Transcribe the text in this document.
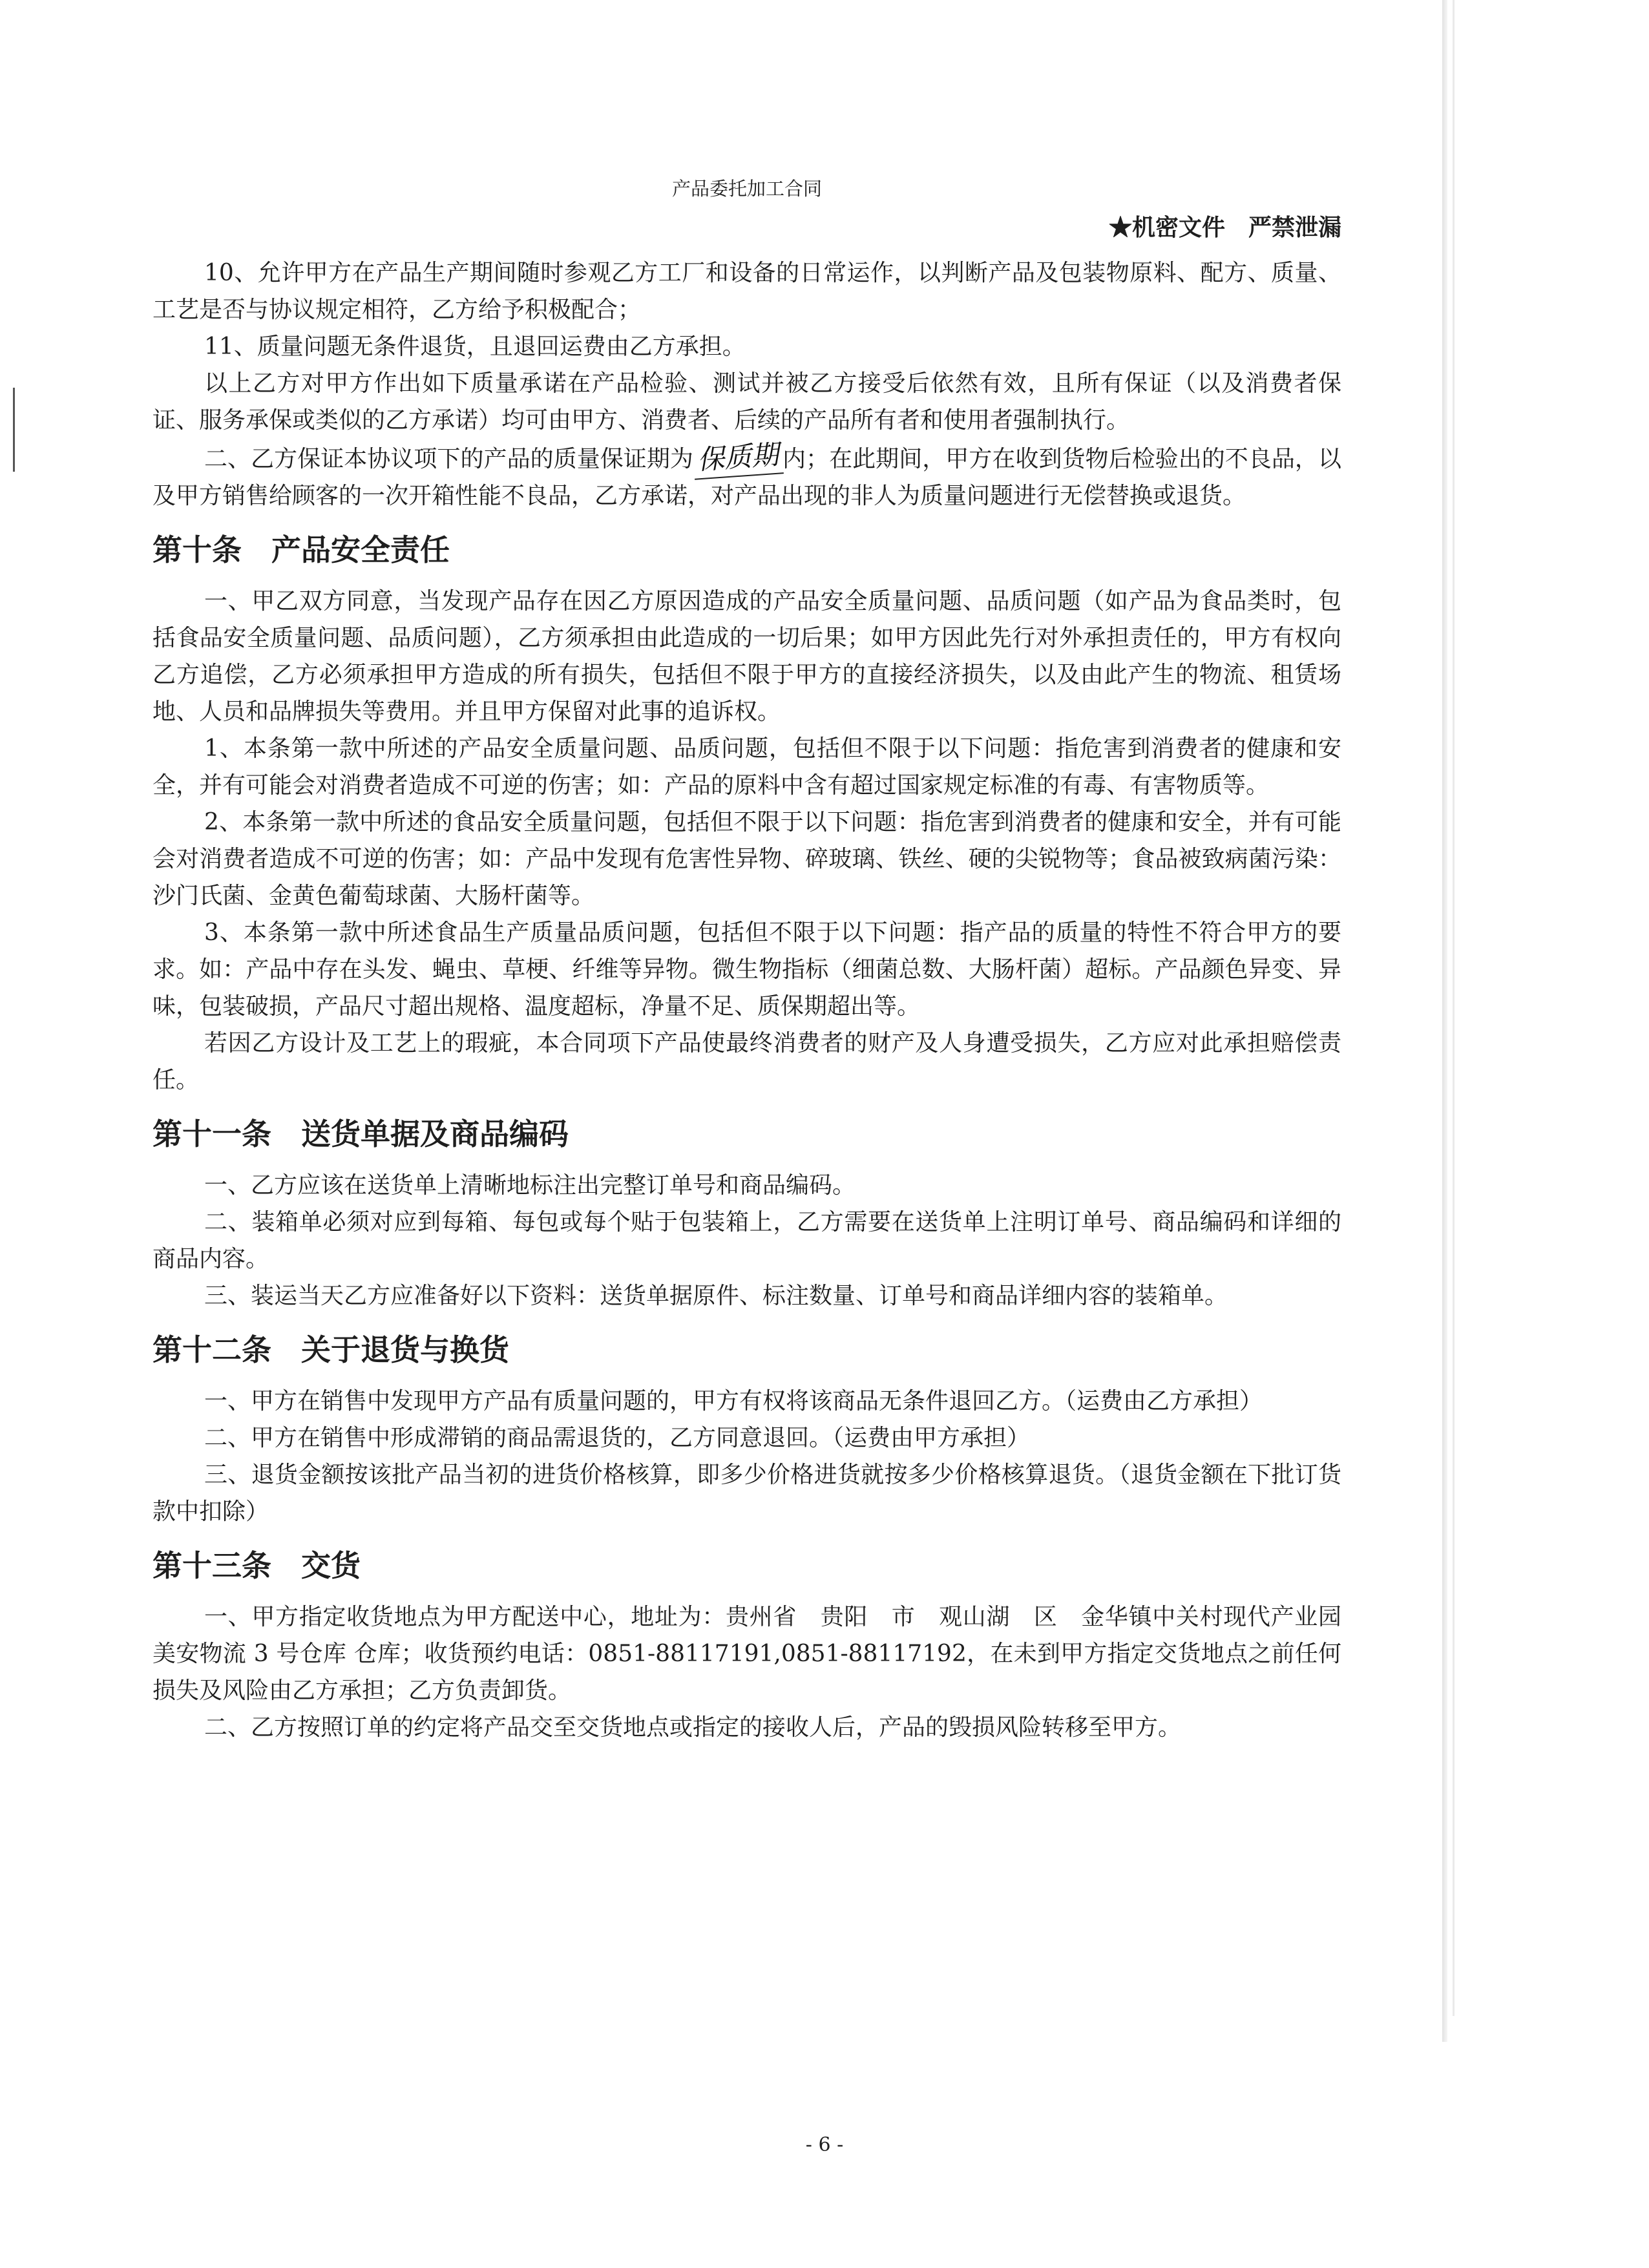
产品委托加工合同
★机密文件　严禁泄漏

10、允许甲方在产品生产期间随时参观乙方工厂和设备的日常运作，以判断产品及包装物原料、配方、质量、工艺是否与协议规定相符，乙方给予积极配合；

11、质量问题无条件退货，且退回运费由乙方承担。

以上乙方对甲方作出如下质量承诺在产品检验、测试并被乙方接受后依然有效，且所有保证（以及消费者保证、服务承保或类似的乙方承诺）均可由甲方、消费者、后续的产品所有者和使用者强制执行。

二、乙方保证本协议项下的产品的质量保证期为 保质期 内；在此期间，甲方在收到货物后检验出的不良品，以及甲方销售给顾客的一次开箱性能不良品，乙方承诺，对产品出现的非人为质量问题进行无偿替换或退货。

第十条　产品安全责任

一、甲乙双方同意，当发现产品存在因乙方原因造成的产品安全质量问题、品质问题（如产品为食品类时，包括食品安全质量问题、品质问题），乙方须承担由此造成的一切后果；如甲方因此先行对外承担责任的，甲方有权向乙方追偿，乙方必须承担甲方造成的所有损失，包括但不限于甲方的直接经济损失，以及由此产生的物流、租赁场地、人员和品牌损失等费用。并且甲方保留对此事的追诉权。

1、本条第一款中所述的产品安全质量问题、品质问题，包括但不限于以下问题：指危害到消费者的健康和安全，并有可能会对消费者造成不可逆的伤害；如：产品的原料中含有超过国家规定标准的有毒、有害物质等。

2、本条第一款中所述的食品安全质量问题，包括但不限于以下问题：指危害到消费者的健康和安全，并有可能会对消费者造成不可逆的伤害；如：产品中发现有危害性异物、碎玻璃、铁丝、硬的尖锐物等；食品被致病菌污染：沙门氏菌、金黄色葡萄球菌、大肠杆菌等。

3、本条第一款中所述食品生产质量品质问题，包括但不限于以下问题：指产品的质量的特性不符合甲方的要求。如：产品中存在头发、蝇虫、草梗、纤维等异物。微生物指标（细菌总数、大肠杆菌）超标。产品颜色异变、异味，包装破损，产品尺寸超出规格、温度超标，净量不足、质保期超出等。

若因乙方设计及工艺上的瑕疵，本合同项下产品使最终消费者的财产及人身遭受损失，乙方应对此承担赔偿责任。

第十一条　送货单据及商品编码

一、乙方应该在送货单上清晰地标注出完整订单号和商品编码。

二、装箱单必须对应到每箱、每包或每个贴于包装箱上，乙方需要在送货单上注明订单号、商品编码和详细的商品内容。

三、装运当天乙方应准备好以下资料：送货单据原件、标注数量、订单号和商品详细内容的装箱单。

第十二条　关于退货与换货

一、甲方在销售中发现甲方产品有质量问题的，甲方有权将该商品无条件退回乙方。（运费由乙方承担）

二、甲方在销售中形成滞销的商品需退货的，乙方同意退回。（运费由甲方承担）

三、退货金额按该批产品当初的进货价格核算，即多少价格进货就按多少价格核算退货。（退货金额在下批订货款中扣除）

第十三条　交货

一、甲方指定收货地点为甲方配送中心，地址为：贵州省　贵阳　市　观山湖　区　金华镇中关村现代产业园美安物流 3 号仓库 仓库；收货预约电话：0851-88117191,0851-88117192，在未到甲方指定交货地点之前任何损失及风险由乙方承担；乙方负责卸货。

二、乙方按照订单的约定将产品交至交货地点或指定的接收人后，产品的毁损风险转移至甲方。

- 6 -
